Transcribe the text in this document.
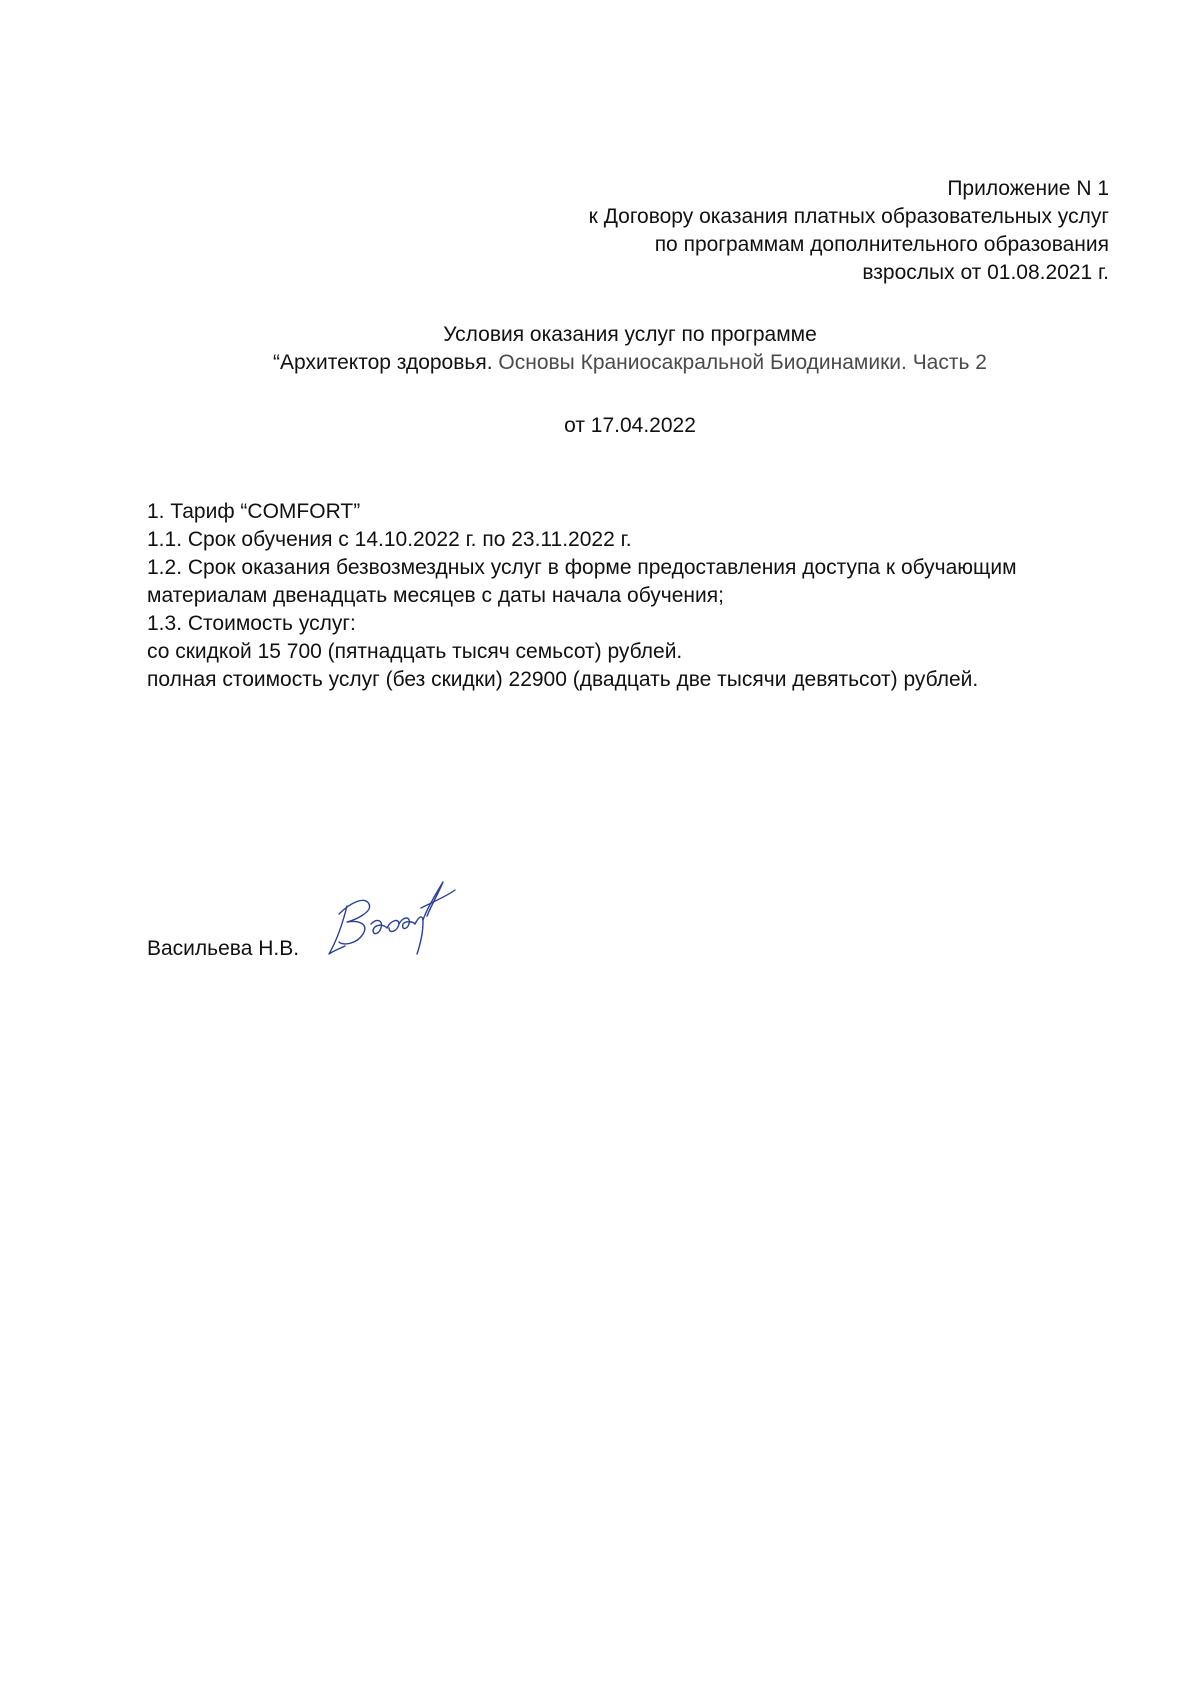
Приложение N 1
к Договору оказания платных образовательных услуг
по программам дополнительного образования
взрослых от 01.08.2021 г.
Условия оказания услуг по программе
“Архитектор здоровья. Основы Краниосакральной Биодинамики. Часть 2
от 17.04.2022
1. Тариф “COMFORT”
1.1. Срок обучения с 14.10.2022 г. по 23.11.2022 г.
1.2. Срок оказания безвозмездных услуг в форме предоставления доступа к обучающим
материалам двенадцать месяцев с даты начала обучения;
1.3. Стоимость услуг:
со скидкой 15 700 (пятнадцать тысяч семьсот) рублей.
полная стоимость услуг (без скидки) 22900 (двадцать две тысячи девятьсот) рублей.
Васильева Н.В.
